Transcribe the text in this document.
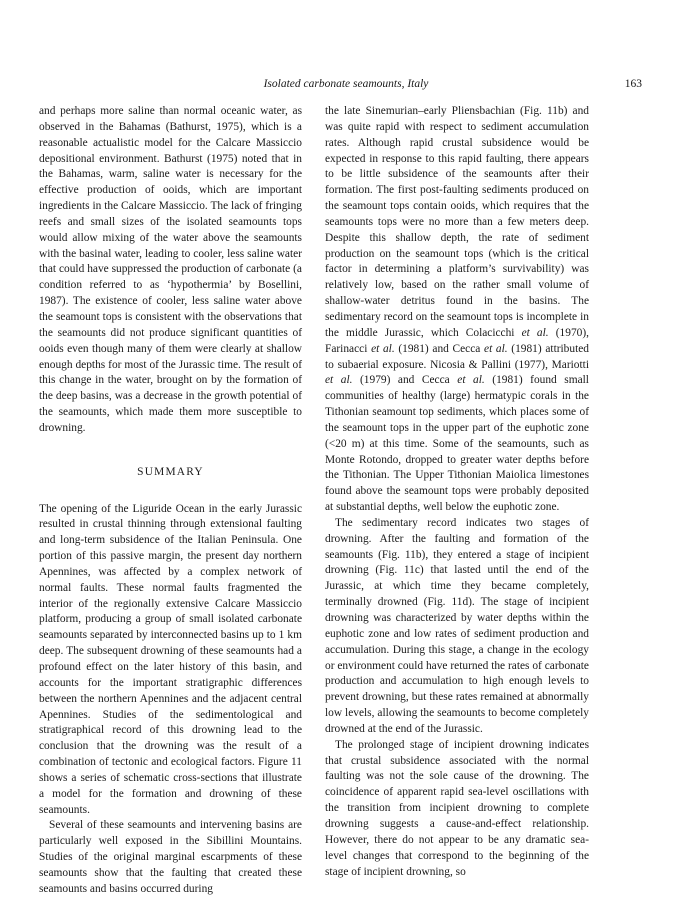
Isolated carbonate seamounts, Italy	163

and perhaps more saline than normal oceanic water, as observed in the Bahamas (Bathurst, 1975), which is a reasonable actualistic model for the Calcare Massiccio depositional environment. Bathurst (1975) noted that in the Bahamas, warm, saline water is necessary for the effective production of ooids, which are important ingredients in the Calcare Massiccio. The lack of fringing reefs and small sizes of the isolated seamounts tops would allow mixing of the water above the seamounts with the basinal water, leading to cooler, less saline water that could have suppressed the production of carbonate (a condition referred to as ‘hypothermia’ by Bosellini, 1987). The existence of cooler, less saline water above the seamount tops is consistent with the observations that the seamounts did not produce significant quantities of ooids even though many of them were clearly at shallow enough depths for most of the Jurassic time. The result of this change in the water, brought on by the formation of the deep basins, was a decrease in the growth potential of the seamounts, which made them more susceptible to drowning.

SUMMARY

The opening of the Liguride Ocean in the early Jurassic resulted in crustal thinning through extensional faulting and long-term subsidence of the Italian Peninsula. One portion of this passive margin, the present day northern Apennines, was affected by a complex network of normal faults. These normal faults fragmented the interior of the regionally extensive Calcare Massiccio platform, producing a group of small isolated carbonate seamounts separated by interconnected basins up to 1 km deep. The subsequent drowning of these seamounts had a profound effect on the later history of this basin, and accounts for the important stratigraphic differences between the northern Apennines and the adjacent central Apennines. Studies of the sedimentological and stratigraphical record of this drowning lead to the conclusion that the drowning was the result of a combination of tectonic and ecological factors. Figure 11 shows a series of schematic cross-sections that illustrate a model for the formation and drowning of these seamounts.

Several of these seamounts and intervening basins are particularly well exposed in the Sibillini Mountains. Studies of the original marginal escarpments of these seamounts show that the faulting that created these seamounts and basins occurred during

the late Sinemurian–early Pliensbachian (Fig. 11b) and was quite rapid with respect to sediment accumulation rates. Although rapid crustal subsidence would be expected in response to this rapid faulting, there appears to be little subsidence of the seamounts after their formation. The first post-faulting sediments produced on the seamount tops contain ooids, which requires that the seamounts tops were no more than a few meters deep. Despite this shallow depth, the rate of sediment production on the seamount tops (which is the critical factor in determining a platform’s survivability) was relatively low, based on the rather small volume of shallow-water detritus found in the basins. The sedimentary record on the seamount tops is incomplete in the middle Jurassic, which Colacicchi et al. (1970), Farinacci et al. (1981) and Cecca et al. (1981) attributed to subaerial exposure. Nicosia & Pallini (1977), Mariotti et al. (1979) and Cecca et al. (1981) found small communities of healthy (large) hermatypic corals in the Tithonian seamount top sediments, which places some of the seamount tops in the upper part of the euphotic zone (<20 m) at this time. Some of the seamounts, such as Monte Rotondo, dropped to greater water depths before the Tithonian. The Upper Tithonian Maiolica limestones found above the seamount tops were probably deposited at substantial depths, well below the euphotic zone.

The sedimentary record indicates two stages of drowning. After the faulting and formation of the seamounts (Fig. 11b), they entered a stage of incipient drowning (Fig. 11c) that lasted until the end of the Jurassic, at which time they became completely, terminally drowned (Fig. 11d). The stage of incipient drowning was characterized by water depths within the euphotic zone and low rates of sediment production and accumulation. During this stage, a change in the ecology or environment could have returned the rates of carbonate production and accumulation to high enough levels to prevent drowning, but these rates remained at abnormally low levels, allowing the seamounts to become completely drowned at the end of the Jurassic.

The prolonged stage of incipient drowning indicates that crustal subsidence associated with the normal faulting was not the sole cause of the drowning. The coincidence of apparent rapid sea-level oscillations with the transition from incipient drowning to complete drowning suggests a cause-and-effect relationship. However, there do not appear to be any dramatic sea-level changes that correspond to the beginning of the stage of incipient drowning, so
